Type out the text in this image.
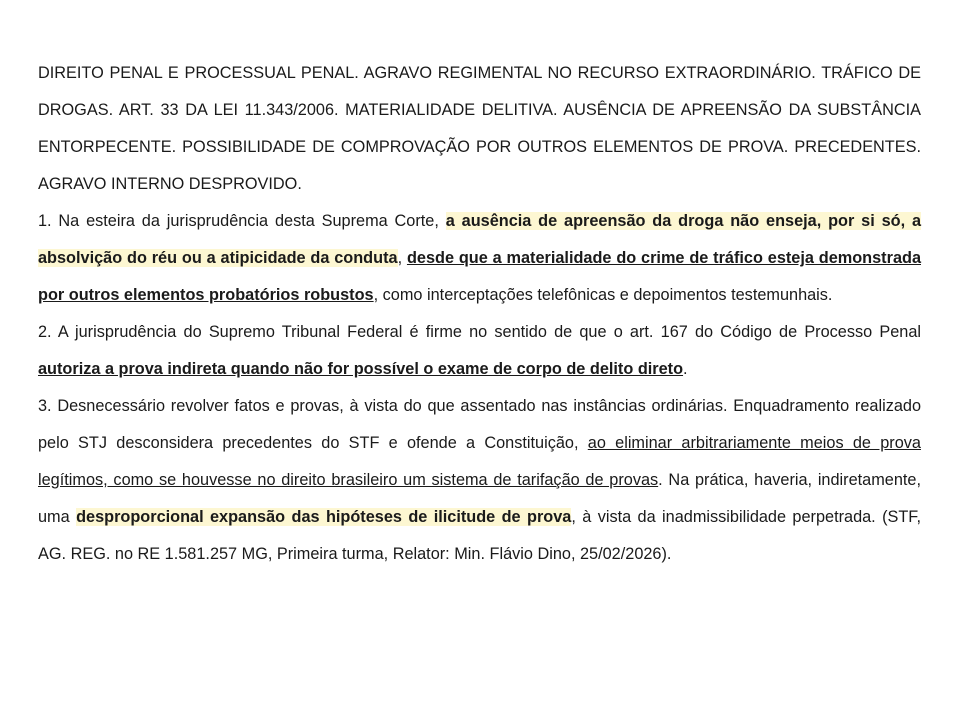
DIREITO PENAL E PROCESSUAL PENAL. AGRAVO REGIMENTAL NO RECURSO EXTRAORDINÁRIO. TRÁFICO DE DROGAS. ART. 33 DA LEI 11.343/2006. MATERIALIDADE DELITIVA. AUSÊNCIA DE APREENSÃO DA SUBSTÂNCIA ENTORPECENTE. POSSIBILIDADE DE COMPROVAÇÃO POR OUTROS ELEMENTOS DE PROVA. PRECEDENTES. AGRAVO INTERNO DESPROVIDO.

1. Na esteira da jurisprudência desta Suprema Corte, a ausência de apreensão da droga não enseja, por si só, a absolvição do réu ou a atipicidade da conduta, desde que a materialidade do crime de tráfico esteja demonstrada por outros elementos probatórios robustos, como interceptações telefônicas e depoimentos testemunhais.

2. A jurisprudência do Supremo Tribunal Federal é firme no sentido de que o art. 167 do Código de Processo Penal autoriza a prova indireta quando não for possível o exame de corpo de delito direto.

3. Desnecessário revolver fatos e provas, à vista do que assentado nas instâncias ordinárias. Enquadramento realizado pelo STJ desconsidera precedentes do STF e ofende a Constituição, ao eliminar arbitrariamente meios de prova legítimos, como se houvesse no direito brasileiro um sistema de tarifação de provas. Na prática, haveria, indiretamente, uma desproporcional expansão das hipóteses de ilicitude de prova, à vista da inadmissibilidade perpetrada. (STF, AG. REG. no RE 1.581.257 MG, Primeira turma, Relator: Min. Flávio Dino, 25/02/2026).
